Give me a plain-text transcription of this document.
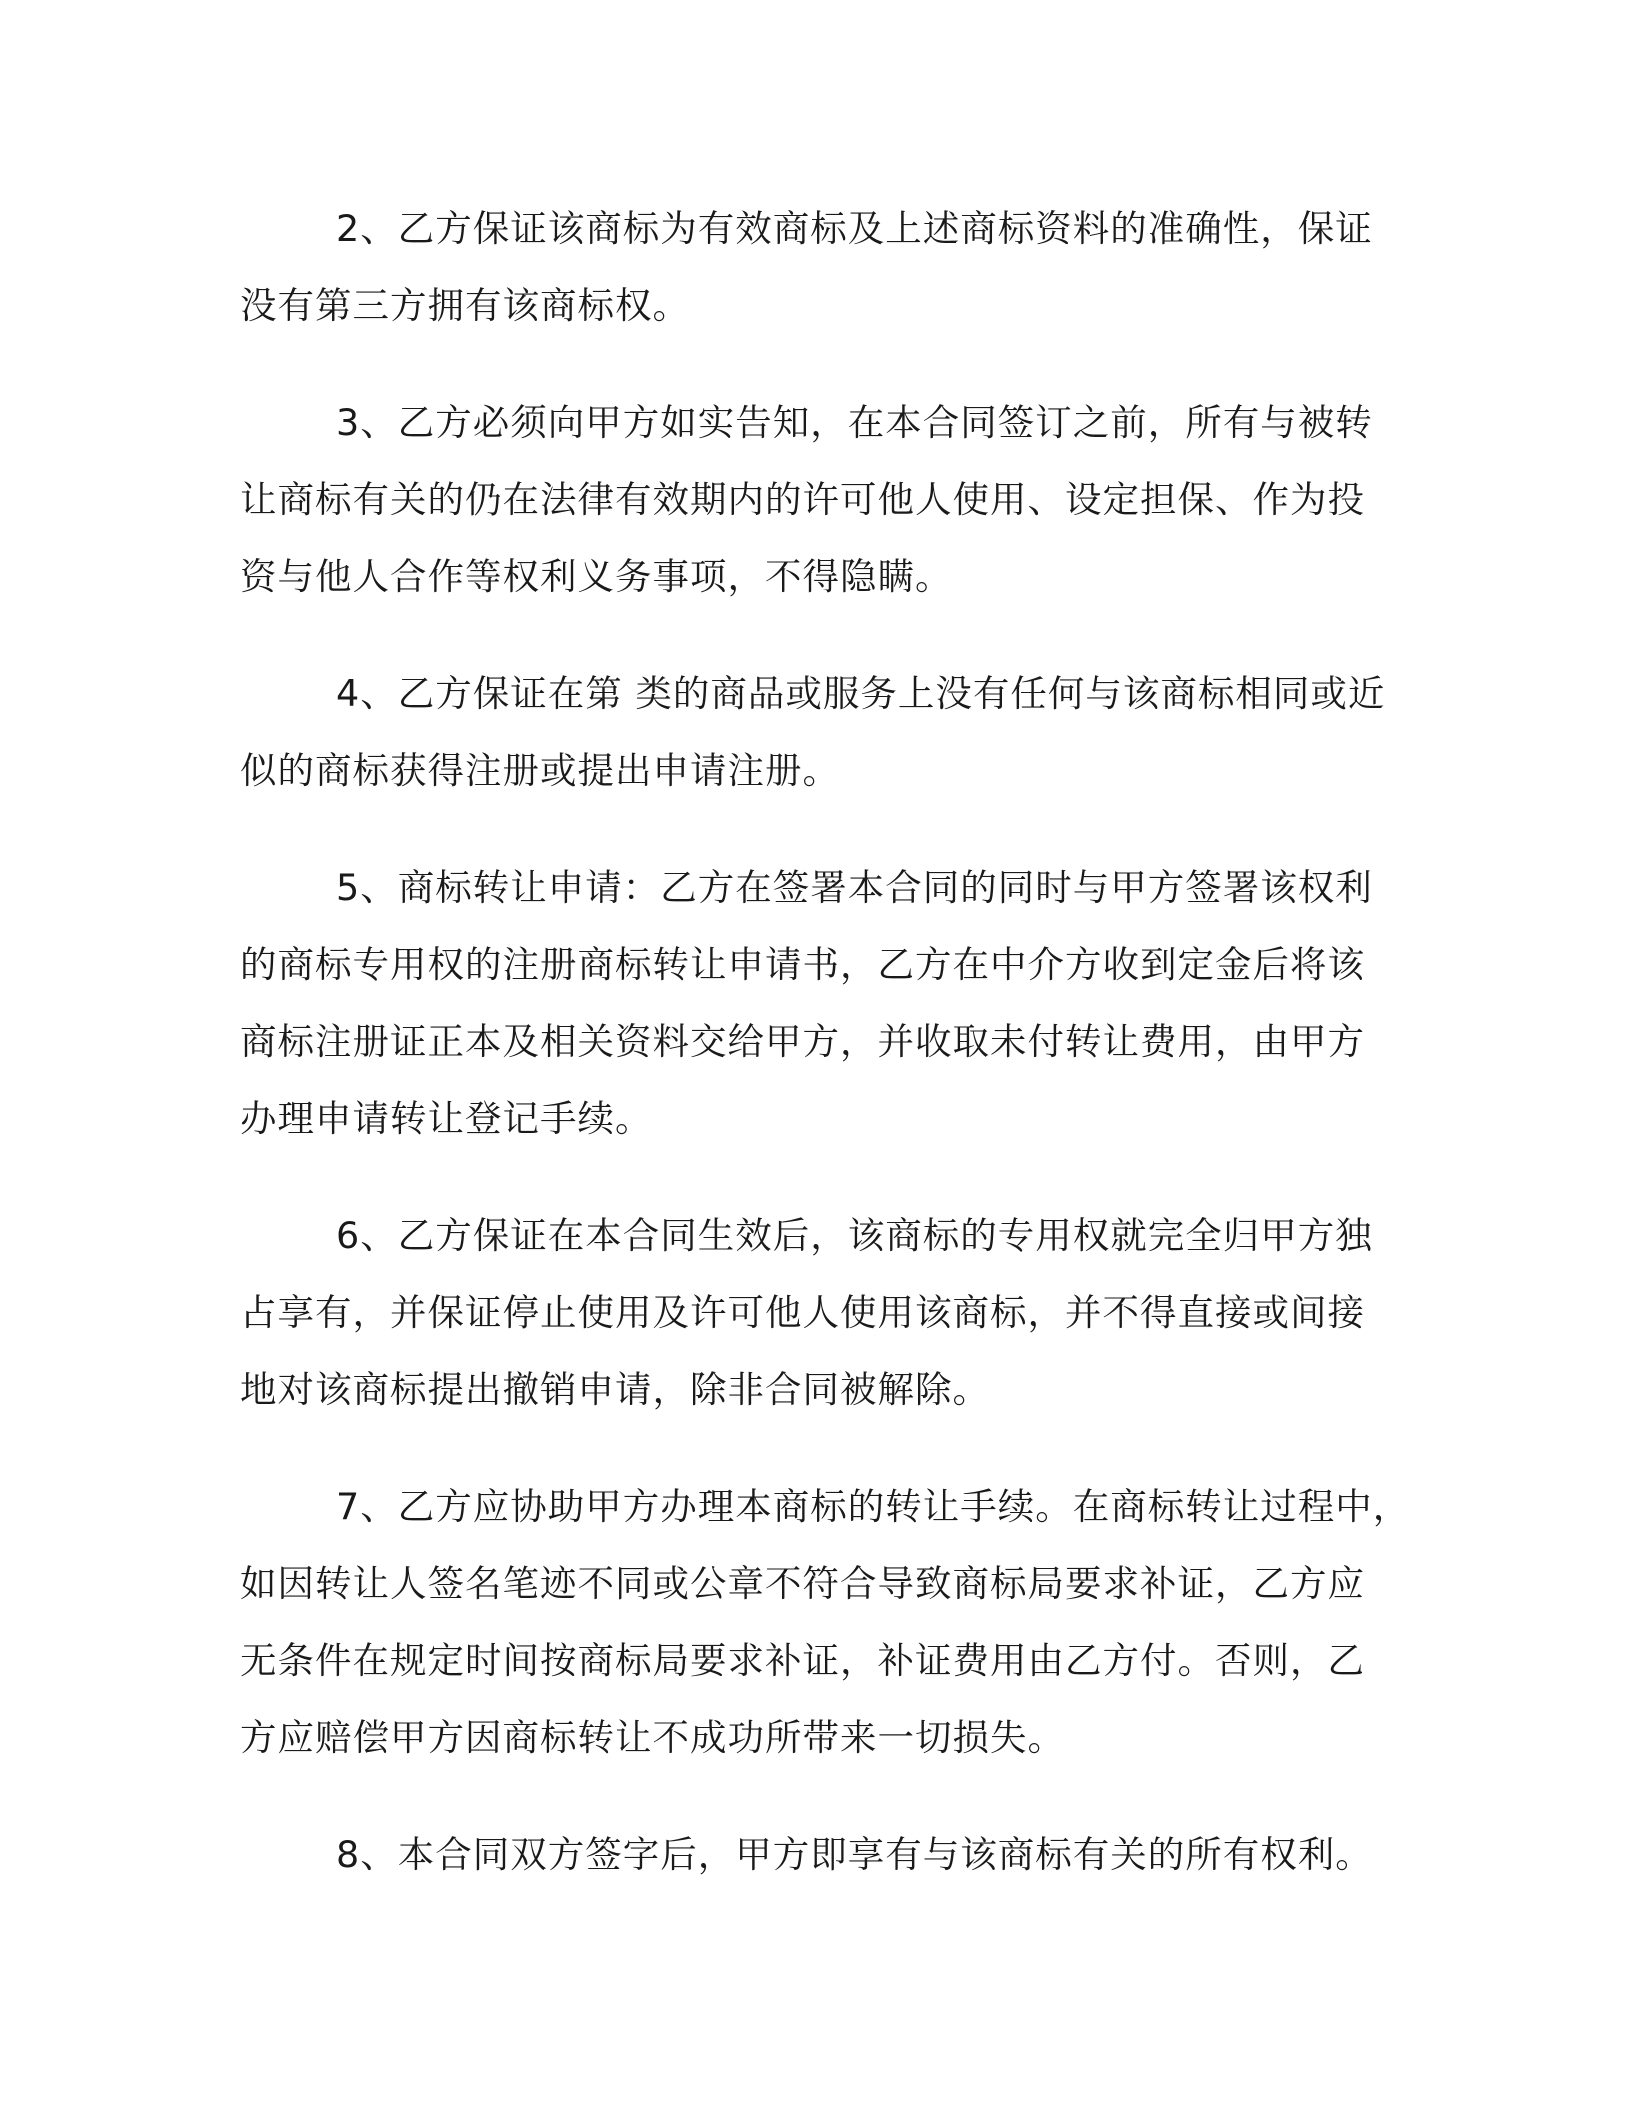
2、乙方保证该商标为有效商标及上述商标资料的准确性，保证
没有第三方拥有该商标权。
3、乙方必须向甲方如实告知，在本合同签订之前，所有与被转
让商标有关的仍在法律有效期内的许可他人使用、设定担保、作为投
资与他人合作等权利义务事项，不得隐瞒。
4、乙方保证在第 类的商品或服务上没有任何与该商标相同或近
似的商标获得注册或提出申请注册。
5、商标转让申请：乙方在签署本合同的同时与甲方签署该权利
的商标专用权的注册商标转让申请书，乙方在中介方收到定金后将该
商标注册证正本及相关资料交给甲方，并收取未付转让费用，由甲方
办理申请转让登记手续。
6、乙方保证在本合同生效后，该商标的专用权就完全归甲方独
占享有，并保证停止使用及许可他人使用该商标，并不得直接或间接
地对该商标提出撤销申请，除非合同被解除。
7、乙方应协助甲方办理本商标的转让手续。在商标转让过程中，
如因转让人签名笔迹不同或公章不符合导致商标局要求补证，乙方应
无条件在规定时间按商标局要求补证，补证费用由乙方付。否则，乙
方应赔偿甲方因商标转让不成功所带来一切损失。
8、本合同双方签字后，甲方即享有与该商标有关的所有权利。
